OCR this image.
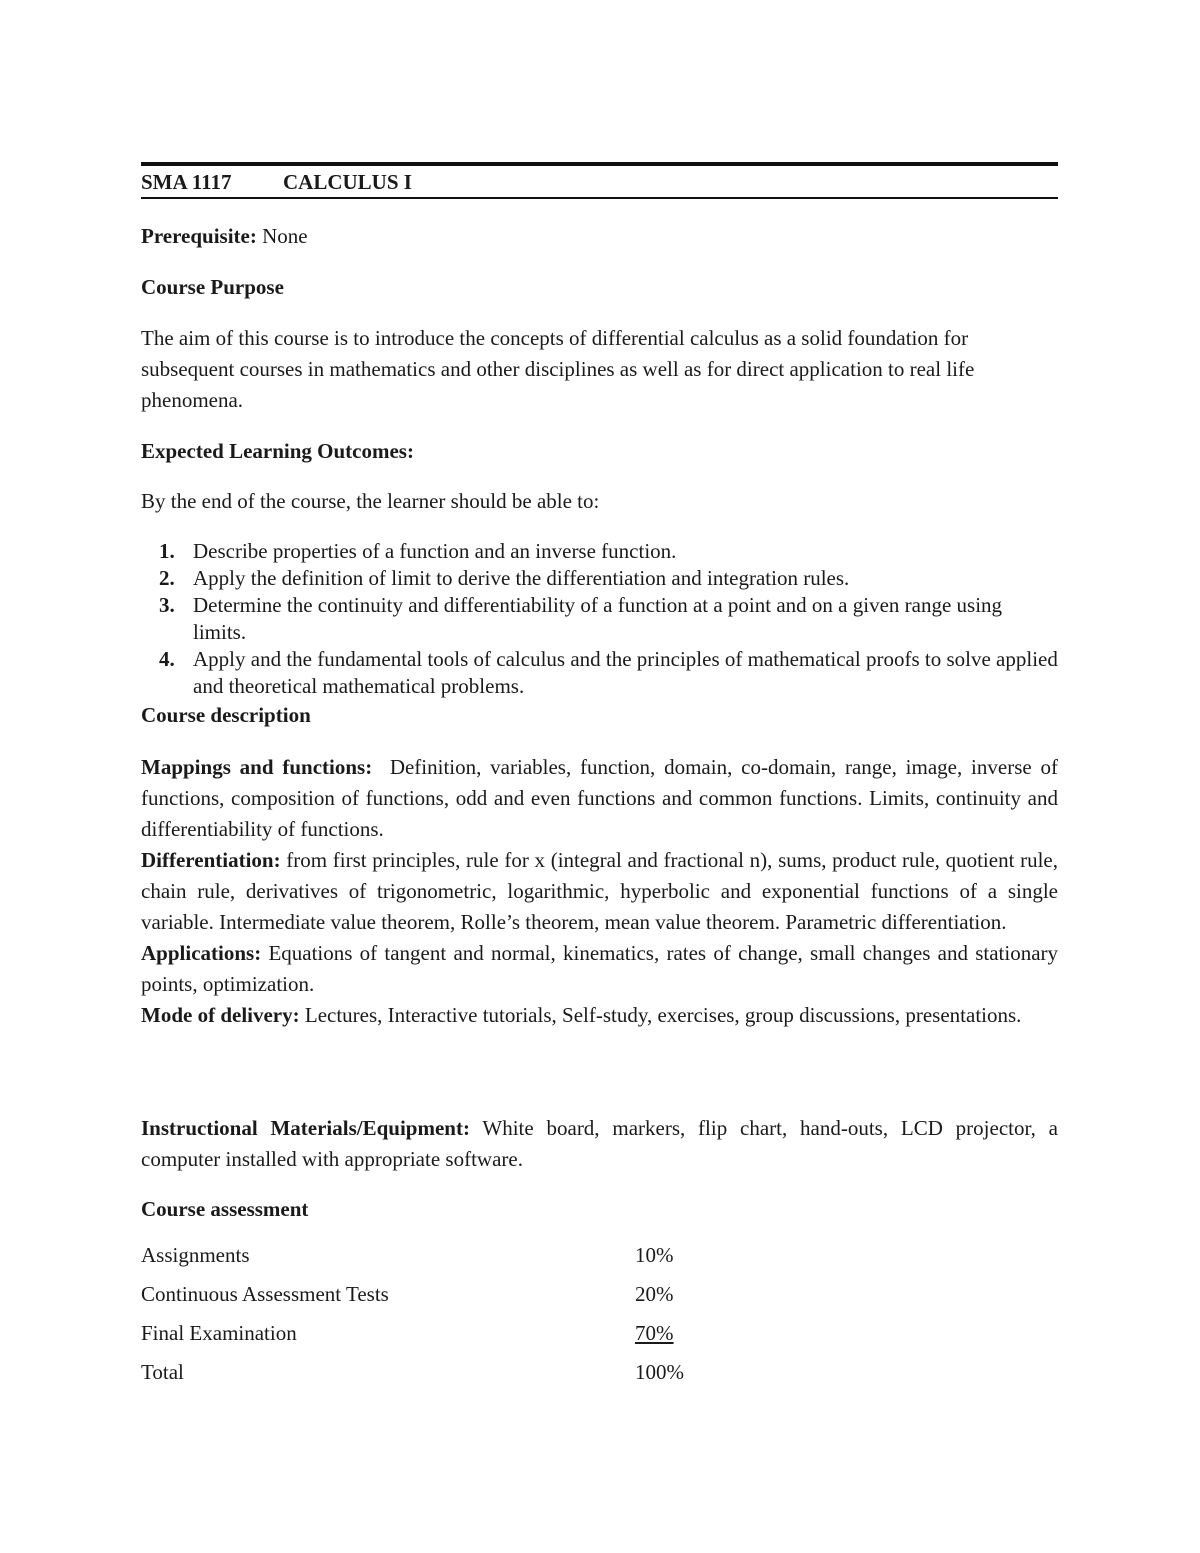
SMA 1117 CALCULUS I
Prerequisite: None
Course Purpose
The aim of this course is to introduce the concepts of differential calculus as a solid foundation for subsequent courses in mathematics and other disciplines as well as for direct application to real life phenomena.
Expected Learning Outcomes:
By the end of the course, the learner should be able to:
1. Describe properties of a function and an inverse function.
2. Apply the definition of limit to derive the differentiation and integration rules.
3. Determine the continuity and differentiability of a function at a point and on a given range using limits.
4. Apply and the fundamental tools of calculus and the principles of mathematical proofs to solve applied and theoretical mathematical problems.
Course description

Mappings and functions: Definition, variables, function, domain, co-domain, range, image, inverse of functions, composition of functions, odd and even functions and common functions. Limits, continuity and differentiability of functions.

Differentiation: from first principles, rule for x (integral and fractional n), sums, product rule, quotient rule, chain rule, derivatives of trigonometric, logarithmic, hyperbolic and exponential functions of a single variable. Intermediate value theorem, Rolle’s theorem, mean value theorem. Parametric differentiation.

Applications: Equations of tangent and normal, kinematics, rates of change, small changes and stationary points, optimization.

Mode of delivery: Lectures, Interactive tutorials, Self-study, exercises, group discussions, presentations.

Instructional Materials/Equipment: White board, markers, flip chart, hand-outs, LCD projector, a computer installed with appropriate software.
Course assessment
Assignments	10%
Continuous Assessment Tests	20%
Final Examination	70%
Total	100%
